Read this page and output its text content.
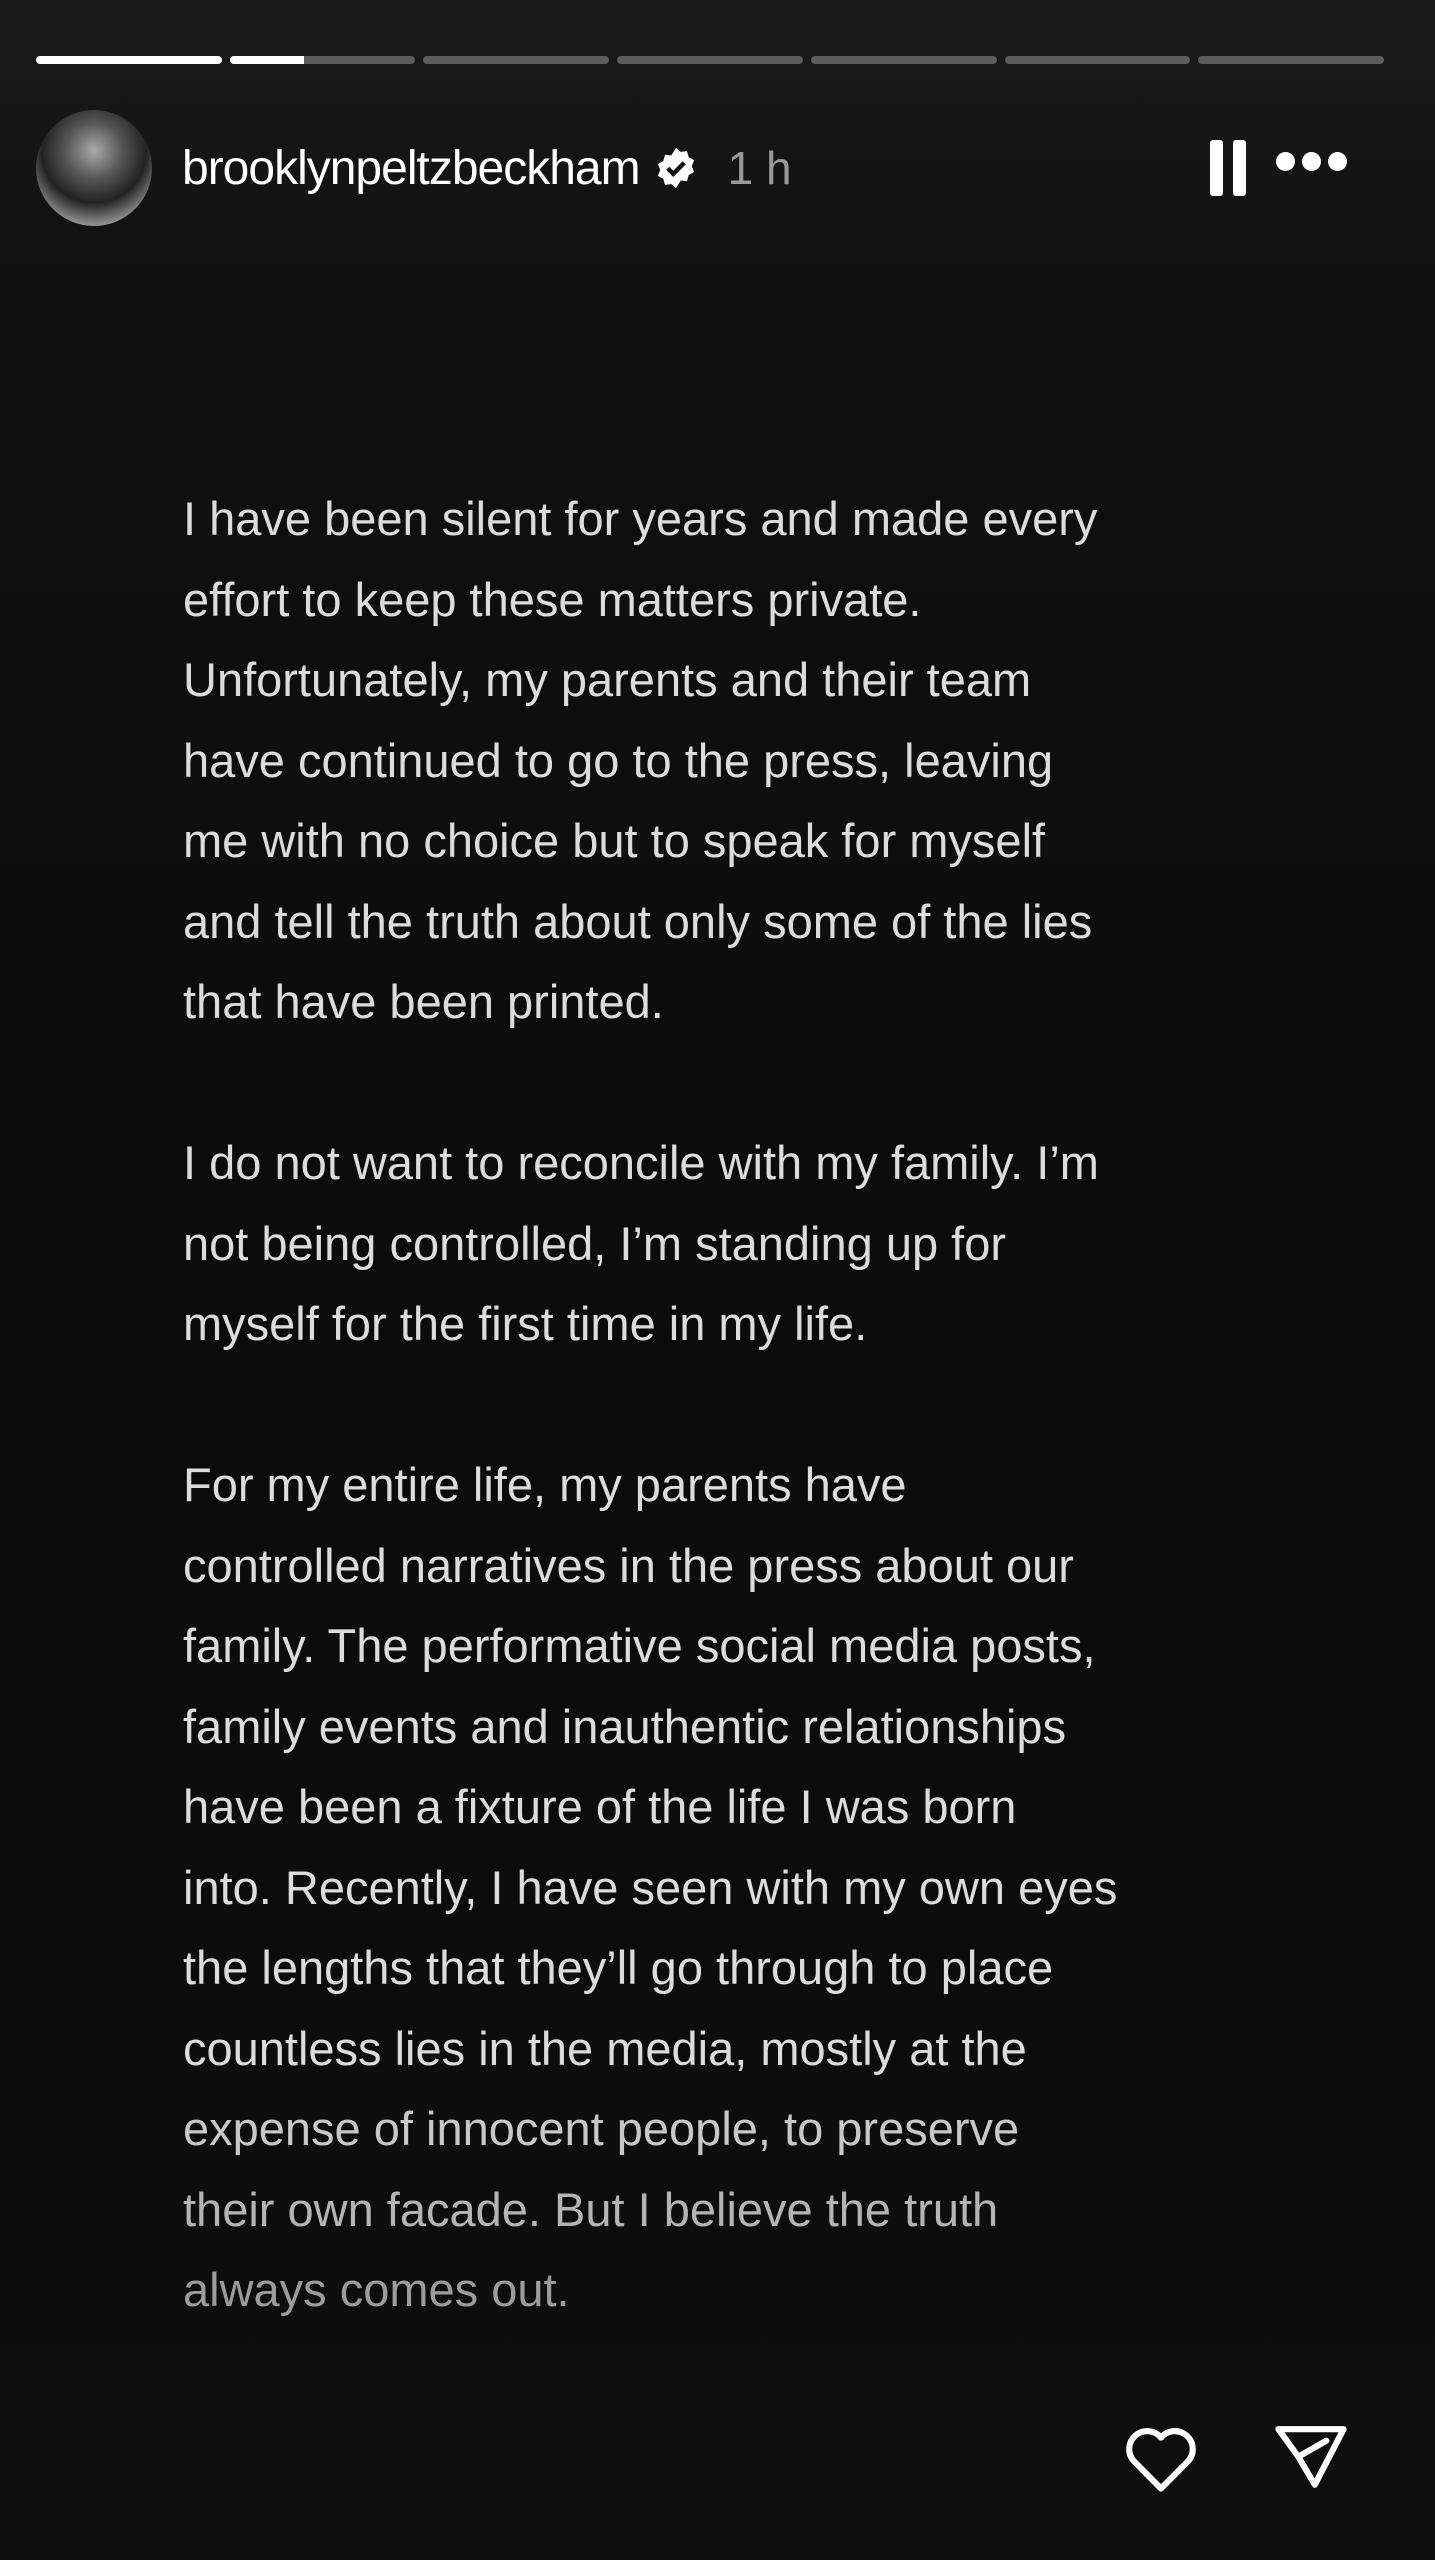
brooklynpeltzbeckham 1 h
I have been silent for years and made every
effort to keep these matters private.
Unfortunately, my parents and their team
have continued to go to the press, leaving
me with no choice but to speak for myself
and tell the truth about only some of the lies
that have been printed.
I do not want to reconcile with my family. I’m
not being controlled, I’m standing up for
myself for the first time in my life.
For my entire life, my parents have
controlled narratives in the press about our
family. The performative social media posts,
family events and inauthentic relationships
have been a fixture of the life I was born
into. Recently, I have seen with my own eyes
the lengths that they’ll go through to place
countless lies in the media, mostly at the
expense of innocent people, to preserve
their own facade. But I believe the truth
always comes out.
